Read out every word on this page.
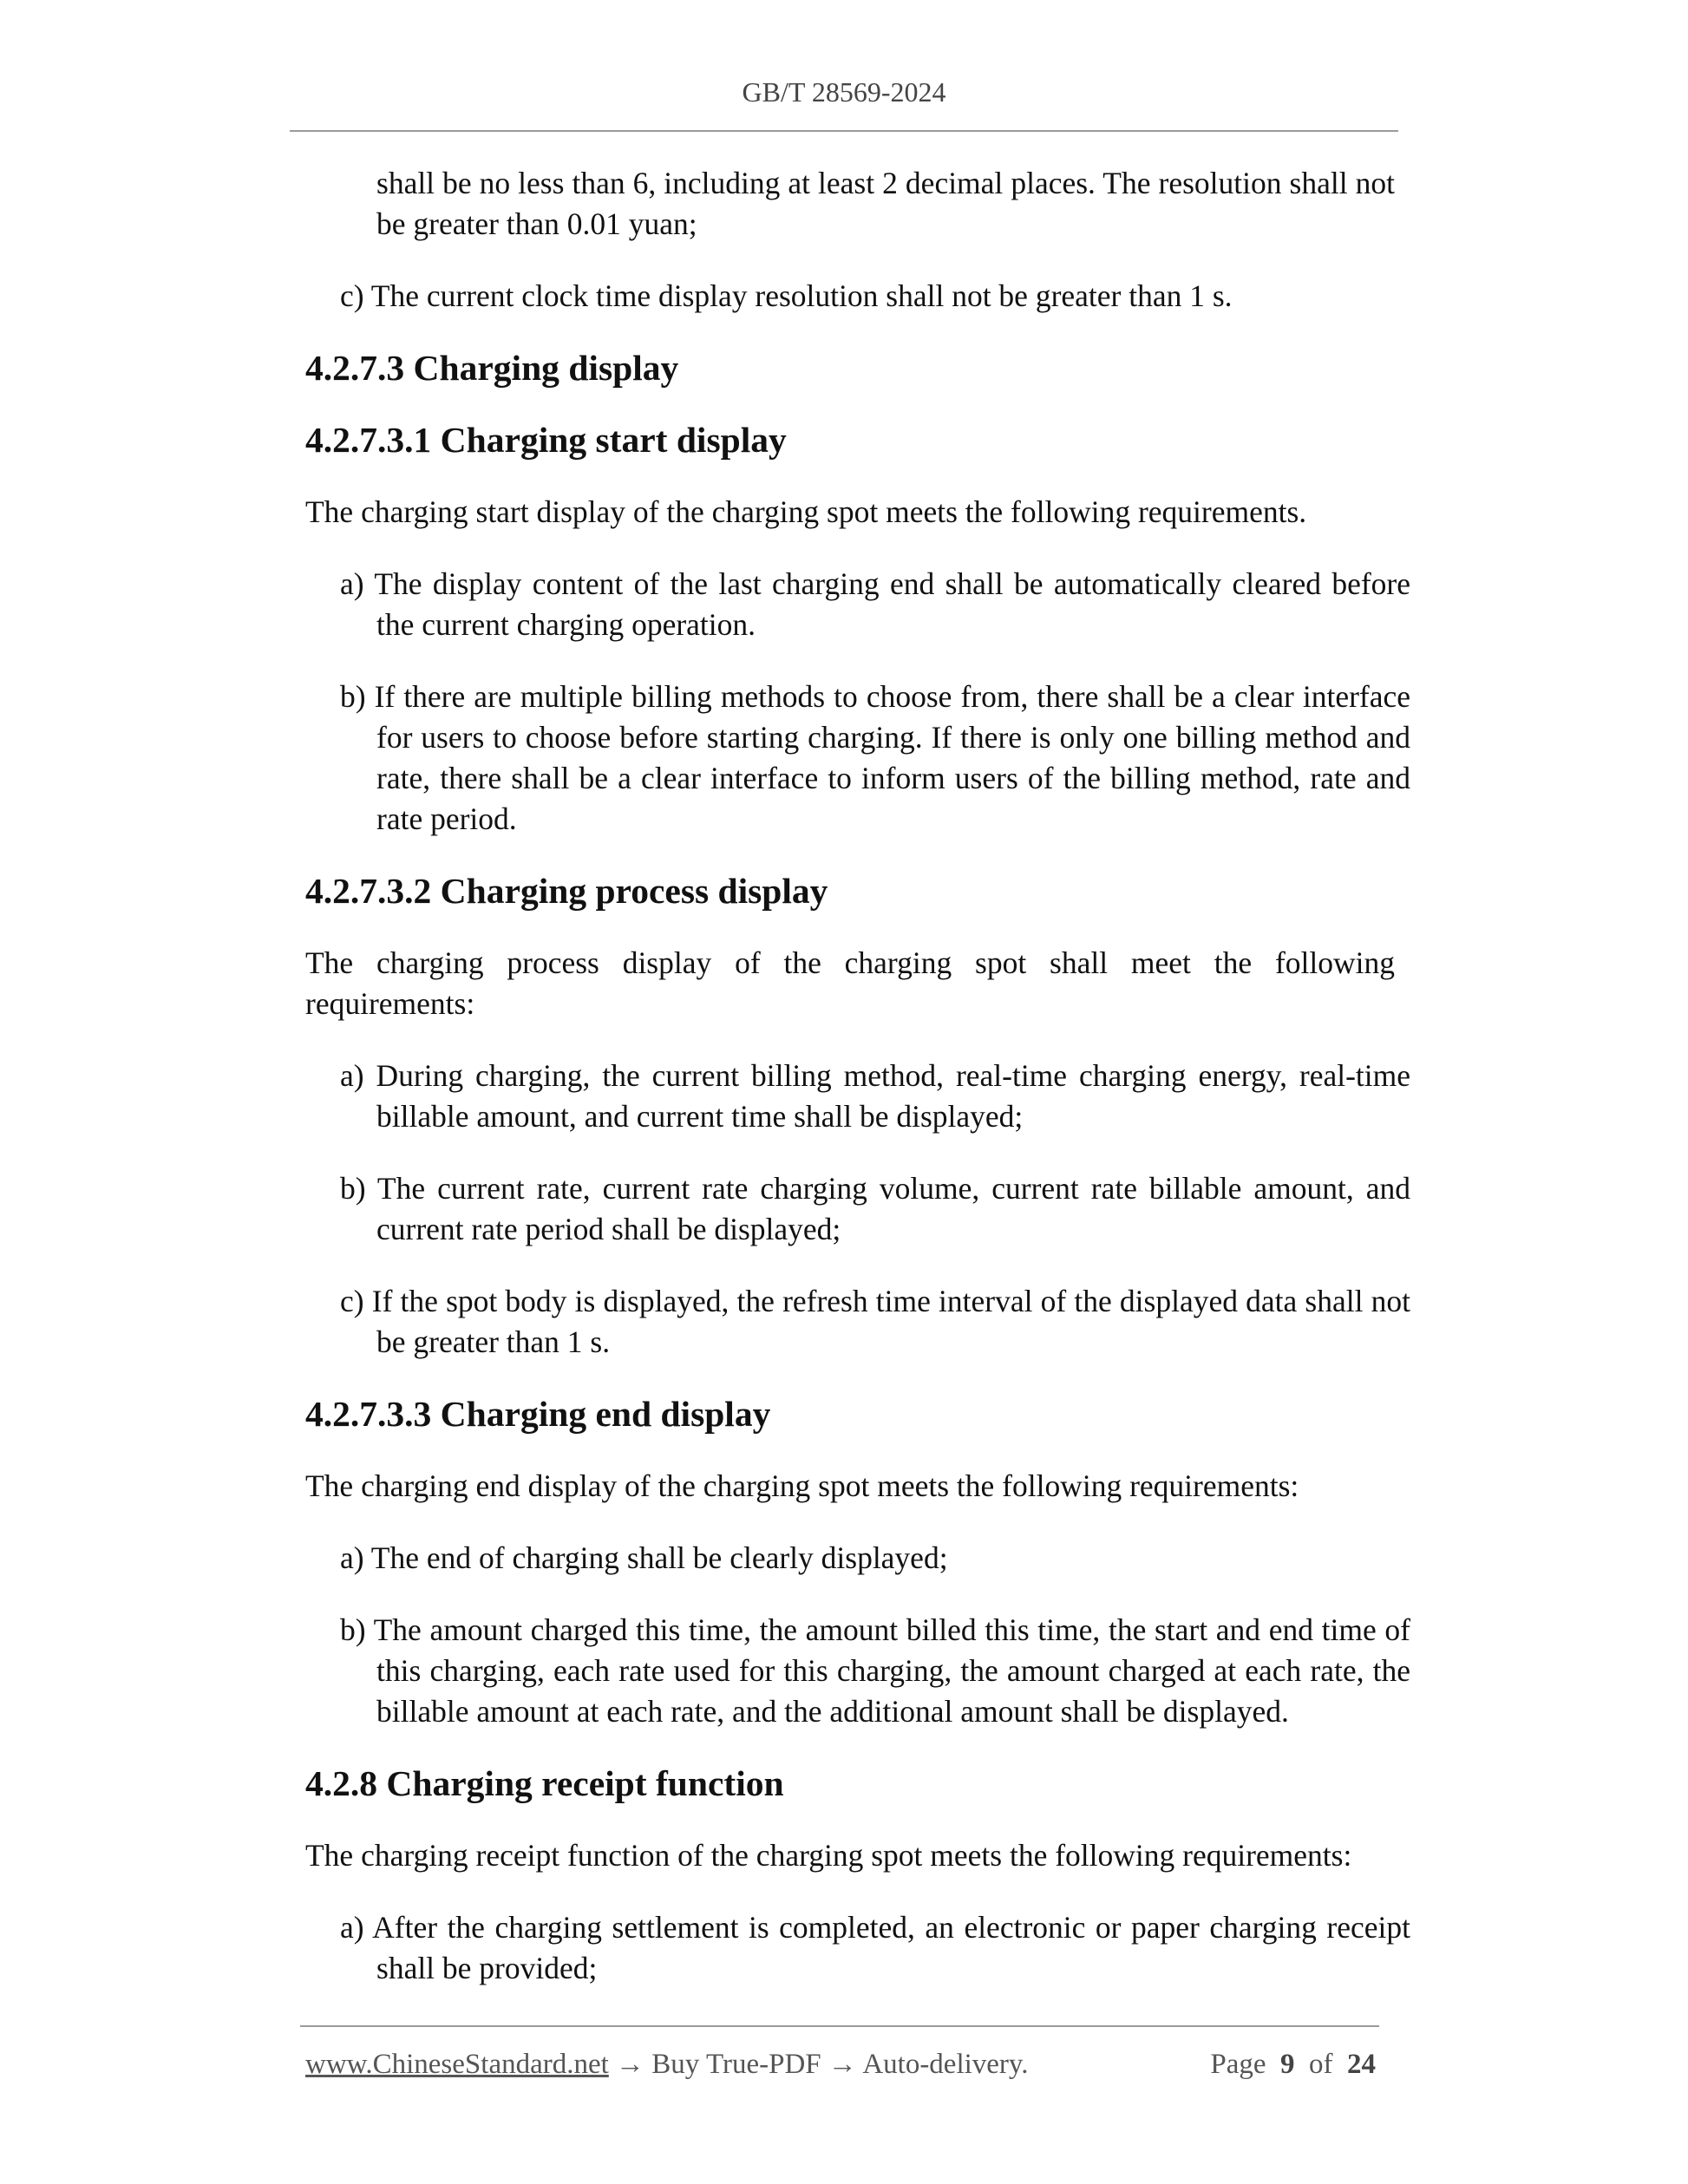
GB/T 28569-2024

shall be no less than 6, including at least 2 decimal places. The resolution shall not be greater than 0.01 yuan;

c) The current clock time display resolution shall not be greater than 1 s.

4.2.7.3 Charging display
4.2.7.3.1 Charging start display

The charging start display of the charging spot meets the following requirements.

a) The display content of the last charging end shall be automatically cleared before the current charging operation.

b) If there are multiple billing methods to choose from, there shall be a clear interface for users to choose before starting charging. If there is only one billing method and rate, there shall be a clear interface to inform users of the billing method, rate and rate period.

4.2.7.3.2 Charging process display

The charging process display of the charging spot shall meet the following requirements:

a) During charging, the current billing method, real-time charging energy, real-time billable amount, and current time shall be displayed;

b) The current rate, current rate charging volume, current rate billable amount, and current rate period shall be displayed;

c) If the spot body is displayed, the refresh time interval of the displayed data shall not be greater than 1 s.

4.2.7.3.3 Charging end display

The charging end display of the charging spot meets the following requirements:

a) The end of charging shall be clearly displayed;

b) The amount charged this time, the amount billed this time, the start and end time of this charging, each rate used for this charging, the amount charged at each rate, the billable amount at each rate, and the additional amount shall be displayed.

4.2.8 Charging receipt function

The charging receipt function of the charging spot meets the following requirements:

a) After the charging settlement is completed, an electronic or paper charging receipt shall be provided;

www.ChineseStandard.net → Buy True-PDF → Auto-delivery.	Page 9 of 24
